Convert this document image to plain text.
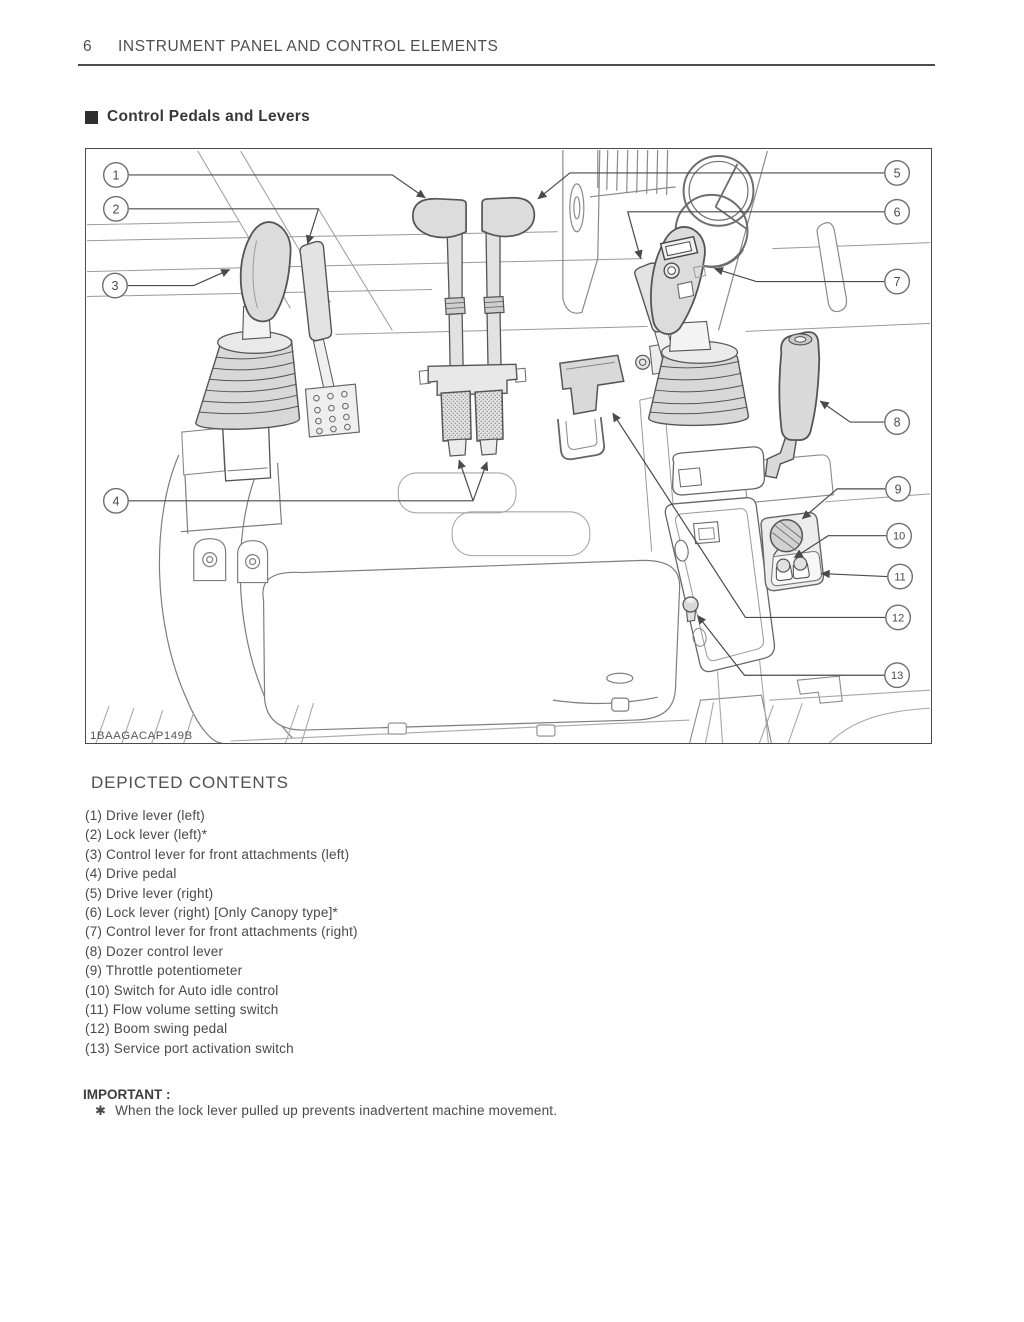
6 INSTRUMENT PANEL AND CONTROL ELEMENTS
Control Pedals and Levers
1
2
3
4
5
6
7
8
9
10
11
12
13
1BAAGACAP149B
DEPICTED CONTENTS
(1) Drive lever (left)
(2) Lock lever (left)*
(3) Control lever for front attachments (left)
(4) Drive pedal
(5) Drive lever (right)
(6) Lock lever (right) [Only Canopy type]*
(7) Control lever for front attachments (right)
(8) Dozer control lever
(9) Throttle potentiometer
(10) Switch for Auto idle control
(11) Flow volume setting switch
(12) Boom swing pedal
(13) Service port activation switch
IMPORTANT :
✱ When the lock lever pulled up prevents inadvertent machine movement.
